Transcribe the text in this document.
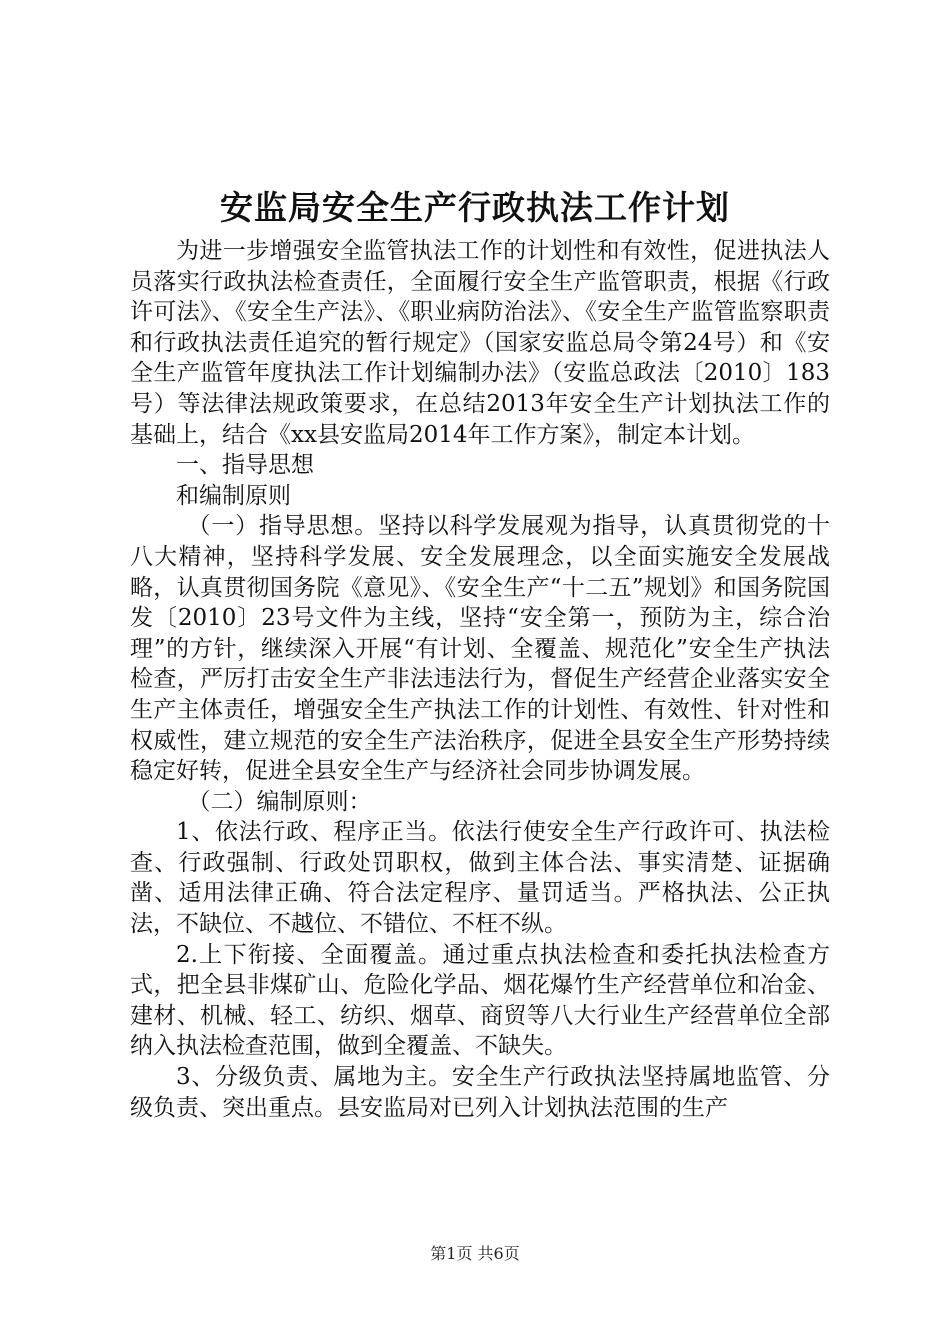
安监局安全生产行政执法工作计划

为进一步增强安全监管执法工作的计划性和有效性，促进执法人员落实行政执法检查责任，全面履行安全生产监管职责，根据《行政许可法》、《安全生产法》、《职业病防治法》、《安全生产监管监察职责和行政执法责任追究的暂行规定》（国家安监总局令第24号）和《安全生产监管年度执法工作计划编制办法》（安监总政法〔2010〕183号）等法律法规政策要求，在总结2013年安全生产计划执法工作的基础上，结合《xx县安监局2014年工作方案》，制定本计划。

一、指导思想

和编制原则

（一）指导思想。坚持以科学发展观为指导，认真贯彻党的十八大精神，坚持科学发展、安全发展理念，以全面实施安全发展战略，认真贯彻国务院《意见》、《安全生产“十二五”规划》和国务院国发〔2010〕23号文件为主线，坚持“安全第一，预防为主，综合治理”的方针，继续深入开展“有计划、全覆盖、规范化”安全生产执法检查，严厉打击安全生产非法违法行为，督促生产经营企业落实安全生产主体责任，增强安全生产执法工作的计划性、有效性、针对性和权威性，建立规范的安全生产法治秩序，促进全县安全生产形势持续稳定好转，促进全县安全生产与经济社会同步协调发展。

（二）编制原则：

1、依法行政、程序正当。依法行使安全生产行政许可、执法检查、行政强制、行政处罚职权，做到主体合法、事实清楚、证据确凿、适用法律正确、符合法定程序、量罚适当。严格执法、公正执法，不缺位、不越位、不错位、不枉不纵。

2.上下衔接、全面覆盖。通过重点执法检查和委托执法检查方式，把全县非煤矿山、危险化学品、烟花爆竹生产经营单位和冶金、建材、机械、轻工、纺织、烟草、商贸等八大行业生产经营单位全部纳入执法检查范围，做到全覆盖、不缺失。

3、分级负责、属地为主。安全生产行政执法坚持属地监管、分级负责、突出重点。县安监局对已列入计划执法范围的生产

第1页 共6页
